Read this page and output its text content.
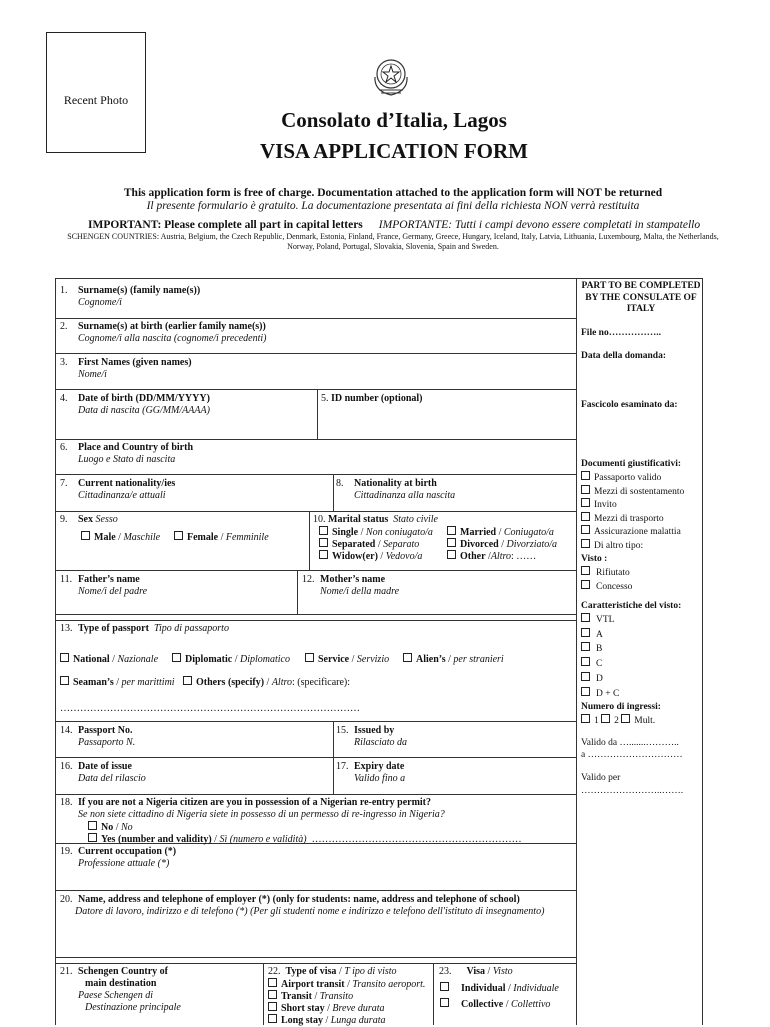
Recent Photo
Consolato d’Italia, Lagos
VISA APPLICATION FORM
This application form is free of charge. Documentation attached to the application form will NOT be returned
Il presente formulario è gratuito. La documentazione presentata ai fini della richiesta NON verrà restituita
IMPORTANT: Please complete all part in capital letters IMPORTANTE: Tutti i campi devono essere completati in stampatello
SCHENGEN COUNTRIES: Austria, Belgium, the Czech Republic, Denmark, Estonia, Finland, France, Germany, Greece, Hungary, Iceland, Italy, Latvia, Lithuania, Luxembourg, Malta, the Netherlands, Norway, Poland, Portugal, Slovakia, Slovenia, Spain and Sweden.
1. Surname(s) (family name(s))
Cognome/i
2. Surname(s) at birth (earlier family name(s))
Cognome/i alla nascita (cognome/i precedenti)
3. First Names (given names)
Nome/i
4. Date of birth (DD/MM/YYYY)
Data di nascita (GG/MM/AAAA)
5. ID number (optional)
6. Place and Country of birth
Luogo e Stato di nascita
7. Current nationality/ies
Cittadinanza/e attuali
8. Nationality at birth
Cittadinanza alla nascita
9. Sex Sesso
Male / Maschile	Female / Femminile
10. Marital status Stato civile
Single / Non coniugato/a	Married / Coniugato/a
Separated / Separato	Divorced / Divorziato/a
Widow(er) / Vedovo/a	Other /Altro: ……
11. Father’s name
Nome/i del padre
12. Mother’s name
Nome/i della madre
13. Type of passport Tipo di passaporto
National / Nazionale	Diplomatic / Diplomatico	Service / Servizio	Alien’s / per stranieri
Seaman’s / per marittimi	Others (specify) / Altro: (specificare):
………………………………………………………………………………
14. Passport No.
Passaporto N.
15. Issued by
Rilasciato da
16. Date of issue
Data del rilascio
17. Expiry date
Valido fino a
18. If you are not a Nigeria citizen are you in possession of a Nigerian re-entry permit?
Se non siete cittadino di Nigeria siete in possesso di un permesso di re-ingresso in Nigeria?
No / No
Yes (number and validity) / Sì (numero e validità) ………………………………………………………
19. Current occupation (*)
Professione attuale (*)
20. Name, address and telephone of employer (*) (only for students: name, address and telephone of school)
Datore di lavoro, indirizzo e di telefono (*) (Per gli studenti nome e indirizzo e telefono dell'istituto di insegnamento)
21. Schengen Country of
main destination
Paese Schengen di
Destinazione principale
22. Type of visa / T ipo di visto
Airport transit / Transito aeroport.
Transit / Transito
Short stay / Breve durata
Long stay / Lunga durata
23. Visa / Visto
Individual / Individuale
Collective / Collettivo
PART TO BE COMPLETED BY THE CONSULATE OF ITALY
File no……………..
Data della domanda:
Fascicolo esaminato da:
Documenti giustificativi:
Passaporto valido
Mezzi di sostentamento
Invito
Mezzi di trasporto
Assicurazione malattia
Di altro tipo:
Visto :
Rifiutato
Concesso
Caratteristiche del visto:
VTL
A
B
C
D
D + C
Numero di ingressi:
1 2 Mult.
Valido da ….......………..
a …………………………
Valido per
……………………..…….
